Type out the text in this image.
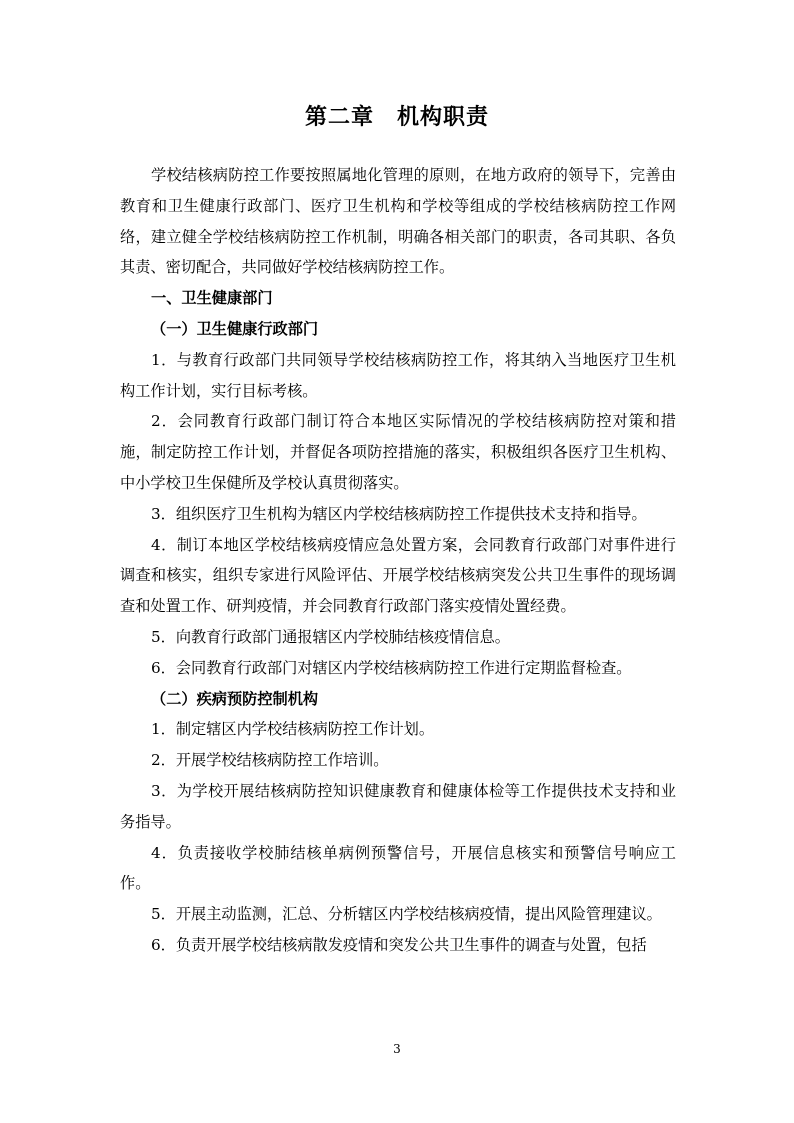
第二章　机构职责

学校结核病防控工作要按照属地化管理的原则，在地方政府的领导下，完善由教育和卫生健康行政部门、医疗卫生机构和学校等组成的学校结核病防控工作网络，建立健全学校结核病防控工作机制，明确各相关部门的职责，各司其职、各负其责、密切配合，共同做好学校结核病防控工作。

一、卫生健康部门

（一）卫生健康行政部门

1．与教育行政部门共同领导学校结核病防控工作，将其纳入当地医疗卫生机构工作计划，实行目标考核。

2．会同教育行政部门制订符合本地区实际情况的学校结核病防控对策和措施，制定防控工作计划，并督促各项防控措施的落实，积极组织各医疗卫生机构、中小学校卫生保健所及学校认真贯彻落实。

3．组织医疗卫生机构为辖区内学校结核病防控工作提供技术支持和指导。

4．制订本地区学校结核病疫情应急处置方案，会同教育行政部门对事件进行调查和核实，组织专家进行风险评估、开展学校结核病突发公共卫生事件的现场调查和处置工作、研判疫情，并会同教育行政部门落实疫情处置经费。

5．向教育行政部门通报辖区内学校肺结核疫情信息。

6．会同教育行政部门对辖区内学校结核病防控工作进行定期监督检查。

（二）疾病预防控制机构

1．制定辖区内学校结核病防控工作计划。

2．开展学校结核病防控工作培训。

3．为学校开展结核病防控知识健康教育和健康体检等工作提供技术支持和业务指导。

4．负责接收学校肺结核单病例预警信号，开展信息核实和预警信号响应工作。

5．开展主动监测，汇总、分析辖区内学校结核病疫情，提出风险管理建议。

6．负责开展学校结核病散发疫情和突发公共卫生事件的调查与处置，包括

3
